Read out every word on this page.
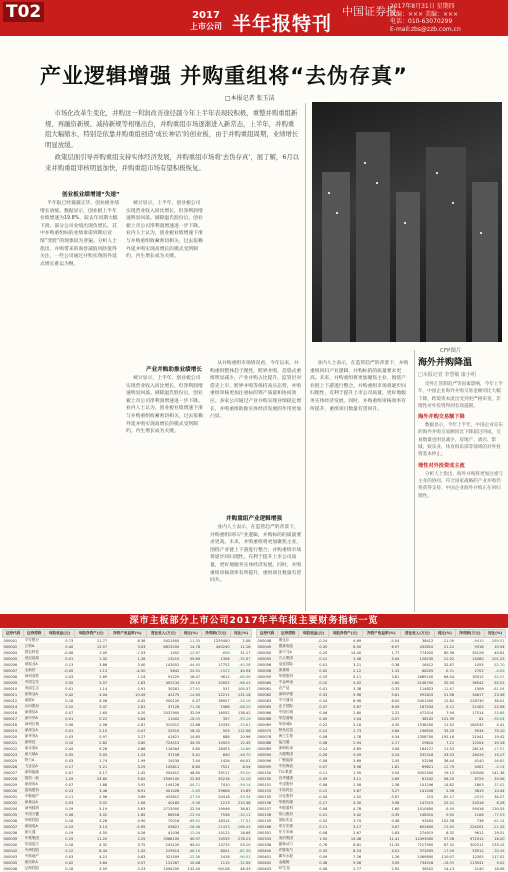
T02	2017
上市公司 半年报特刊
中国证券报
2017年8月31日 星期四
责编：××× 美编：×××
电话：010-63070299
E-mail:zbs@zzb.com.cn
产业逻辑增强 并购重组将“去伪存真”
□本报记者 张玉洁

市场化改革生变化，并购这一利润改善途径越今年上半年表现较积极，重整并购重组新规、再融资新规、减持新规等相继出台，并购重组市场逐渐进入新常态，上半年，并购重组大幅缩水，特别是依靠并购重组创造‘成长神话’的创业板，由于并购重组周期，业绩增长明显放缓。

政策层面引导并购重组支持实体经济发展，并购重组市场将‘去伪存真’，展了解，6月以来并购重组审核明显加快，并购重组市场有望积极恢复。

CFP图片
创业板业绩增速“失速”
半年报已经披露完毕，创业板业绩增长放缓。数据显示，创业板上半年业绩增速为19.8%，较去年同期大幅下滑。部分公司业绩出现负增长，其中并购重组标的业绩承诺到期后业绩“变脸”的现象较为普遍。分析人士指出，并购带来的商誉减值风险值得关注，一些公司通过并购实现的外延式增长难以为继。
统计显示，上半年，创业板公司实现营业收入同比增长，但净利润增速明显回落。剔除温氏股份后，创业板上市公司净利润增速进一步下降。业内人士认为，创业板业绩增速下滑与并购重组收紧密切相关，过去依赖外延并购实现高增长的模式受到制约，内生增长成为关键。
产业并购助推业绩增长
统计显示，上半年，创业板公司实现营业收入同比增长，但净利润增速明显回落。剔除温氏股份后，创业板上市公司净利润增速进一步下降。业内人士认为，创业板业绩增速下滑与并购重组收紧密切相关，过去依赖外延并购实现高增长的模式受到制约，内生增长成为关键。
从并购重组市场情况看，今年以来，并购重组整体趋于理性，跨界并购、忽悠式重组明显减少，产业并购占比提升。监管层对借壳上市、跨界并购等保持高压态势，并购重组审核更加注重标的资产质量和协同效应。多家公司通过产业并购实现业绩稳定增长，并购重组助推实体经济发展的作用更加凸显。
并购重组产业逻辑增强
业内人士表示，在监管趋严的背景下，并购重组回归产业逻辑，并购标的的质量要求更高。未来，并购重组将更加聚焦主业，围绕产业链上下游进行整合，并购重组市场将逐步回归理性，有利于提升上市公司质量，更好地服务实体经济发展。同时，并购重组审核效率有所提升，重组项目数量有望回升。
业内人士表示，在监管趋严的背景下，并购重组回归产业逻辑，并购标的的质量要求更高。未来，并购重组将更加聚焦主业，围绕产业链上下游进行整合，并购重组市场将逐步回归理性，有利于提升上市公司质量，更好地服务实体经济发展。同时，并购重组审核效率有所提升，重组项目数量有望回升。
海外并购降温
□本报记者 李慧敏 康小明
受外汇管制趋严等因素影响，今年上半年，中国企业海外并购交易金额同比大幅下降，跨境资本流出受到更严格审查，非理性对外投资得到有效遏制。
海外并购交易额下降
数据显示，今年上半年，中国企业宣布的海外并购交易额同比下降超过四成，交易数量也明显减少，房地产、酒店、影城、娱乐业、体育俱乐部等领域的对外投资基本停止。
理性对外投资成主流
分析人士指出，海外并购将更加注重与主业的协同，符合国家战略的产业并购仍将获得支持，中国企业海外并购正在回归理性。
深市主板部分上市公司2017年半年报主要财务指标一览
证券代码	证券简称	每股收益(元)	每股净资产(元)	净资产收益率(%)	营业收入(万元)	同比(%)	净利润(万元)	同比(%)
000001	平安银行	0.73	11.77	6.36	5421900	-11.35	1255400	2.08
000002	万科A	0.40	13.57	3.03	8813200	14.76	440240	11.16
000004	国农科技	-0.08	1.05	-7.53	1452	-12.67	-656	31.27
000005	世纪星源	0.01	1.32	1.26	13215	59.89	1356	-35.87
000006	深振业A	0.13	3.86	3.40	143052	-44.45	17752	-40.28
000007	全新好	-0.05	1.13	-4.50	5642	22.51	-1523	44.94
000008	神州高铁	0.03	2.69	1.24	91225	16.47	9812	-60.36
000009	中国宝安	0.05	3.07	1.63	492134	29.10	10925	-66.43
000010	美丽生态	0.01	1.14	0.91	30281	-27.91	557	105.37
000011	深物业A	0.42	4.04	10.49	42175	-14.86	22211	131.18
000012	南玻A	0.18	4.08	4.42	500120	4.37	36927	-24.16
000014	沙河股份	0.10	3.47	2.81	37128	-71.36	1968	-88.20
000016	深康佳A	0.07	1.65	4.20	2037900	32.09	16052	138.42
000017	深中华A	0.01	0.22	5.84	11402	-18.05	357	-55.10
000018	神州长城	0.06	2.06	2.87	310512	22.68	10335	-25.61
000019	深深宝A	0.01	2.15	0.47	32510	16.32	503	112.06
000020	深华发A	0.03	0.97	3.27	41621	14.85	888	20.96
000021	深科技	0.10	2.82	3.60	724513	34.35	14923	12.45
000022	深赤湾A	0.44	9.28	4.86	118264	5.85	28453	-10.66
000023	深天地A	0.05	3.05	1.53	37156	5.41	640	-46.70
000025	特力A	0.03	1.74	1.99	19230	7.40	1426	64.02
000026	飞亚达A	0.17	5.21	3.29	145811	8.80	7521	8.54
000027	深圳能源	0.07	5.17	1.45	554412	48.85	29117	-59.20
000028	国药一致	1.29	23.60	5.62	2549100	22.83	55216	-14.18
000029	深深房A	0.07	1.88	3.92	144126	-50.71	7410	-59.14
000030	富奥股份	0.23	3.46	6.91	401028	-2.65	29806	15.89
000031	中粮地产	0.11	2.96	3.89	433612	-27.45	20418	-53.34
000032	深桑达A	0.03	3.02	1.06	40165	-9.98	1213	210.38
000034	神州数码	0.29	5.19	5.63	2713000	22.54	19046	36.81
000035	中国天楹	0.06	3.02	1.85	66518	-22.94	7536	-30.12
000036	华联控股	0.16	3.28	4.90	70216	-69.42	18314	-77.31
000037	深南电A	-0.19	3.14	-5.95	43621	-28.46	-11433	-168.43
000038	深大通	0.19	4.55	4.26	41036	-12.04	10122	18.68
000039	中集集团	0.25	11.20	2.25	3368100	40.97	74535	276.23
000040	东旭蓝天	0.16	4.32	3.75	243120	65.41	23715	53.10
000042	中洲控股	0.12	8.44	1.42	219514	-46.10	8041	-87.30
000043	中航地产	0.03	4.21	0.83	321509	-22.36	2418	-90.51
000045	深纺织A	0.02	3.84	0.57	131267	10.48	1115	-32.86
000046	泛海控股	0.18	3.55	5.23	1094200	132.45	94128	46.33
证券代码	证券简称	每股收益(元)	每股净资产(元)	净资产收益率(%)	营业收入(万元)	同比(%)	净利润(万元)	同比(%)
000048	康达尔	-0.24	4.69	-5.04	38412	-21.06	-9410	-289.51
000049	德赛电池	0.45	6.50	6.97	432810	21.22	9318	10.54
000050	深天马A	0.25	14.40	1.77	774020	60.36	35128	40.61
000055	方大集团	0.12	2.46	5.04	126230	21.02	14260	101.25
000056	皇庭国际	0.01	3.21	0.38	16412	32.87	1055	-52.70
000058	深赛格	0.02	2.12	1.12	68205	-6.31	2702	-4.05
000059	华锦股份	0.19	5.11	3.81	1689100	64.04	30512	-32.07
000060	中金岭南	0.10	4.02	2.60	2146700	32.05	36542	55.51
000061	农产品	0.01	3.38	0.33	114823	-12.67	1506	-81.04
000062	深圳华强	0.33	5.98	5.61	592815	51.58	34617	23.36
000063	中兴通讯	0.54	6.98	8.00	5401000	12.82	228730	38.01
000065	北方国际	0.47	5.67	8.49	187034	-8.10	21405	22.06
000066	中国长城	0.06	2.80	2.22	472514	7.94	17514	-33.88
000068	华控赛格	0.00	1.04	0.07	38102	101.39	81	-95.04
000069	华侨城A	0.22	5.18	4.35	1538200	11.52	184532	5.41
000070	特发信息	0.15	2.73	5.64	196520	35.29	9534	70.10
000078	海王生物	0.08	1.78	4.54	1358700	192.16	21041	19.42
000088	盐田港	0.06	2.94	2.17	29610	7.21	12204	20.16
000089	深圳机场	0.14	4.69	3.06	164127	11.03	28114	-17.57
000090	天健集团	0.26	5.09	5.24	532318	33.03	26419	19.27
000096	广聚能源	0.08	3.89	2.05	53206	36.44	4140	-36.85
000099	中信海直	0.07	3.98	1.81	69821	-12.76	4402	-2.14
000100	TCL集团	0.11	1.95	5.94	5052500	19.15	130508	141.38
000150	宜华健康	0.09	3.11	2.89	81542	56.25	6725	33.06
000151	中成股份	0.06	2.58	2.38	101246	14.82	1803	-37.02
000153	丰原药业	0.12	3.67	3.27	141206	2.56	3815	10.44
000155	川化股份	-0.04	1.02	-3.87	215	-85.47	-2015	34.27
000156	华数传媒	0.17	4.30	3.98	147015	22.21	24316	6.28
000157	中联重科	0.08	4.78	1.60	1010800	-8.49	59416	130.55
000158	常山股份	0.01	3.42	0.35	248310	0.92	1108	-77.53
000159	国际实业	0.02	3.74	0.46	93405	102.58	736	-61.14
000166	申万宏源	0.11	3.17	3.67	652600	-13.80	224201	-21.38
000301	东方市场	0.08	2.67	2.83	274915	8.32	9612	29.51
000333	美的集团	1.50	13.46	11.41	12495000	57.58	972512	16.20
000338	潍柴动力	0.76	6.81	11.35	7217900	87.31	302511	233.15
000400	许继电气	0.33	8.24	4.01	372005	-17.06	33512	-30.44
000401	冀东水泥	0.09	7.26	1.26	1069800	110.07	12305	117.02
000402	金融街	0.38	9.58	3.95	734516	-18.95	113541	5.02
000403	ST生化	0.08	2.77	2.92	36502	14.13	2140	18.06
